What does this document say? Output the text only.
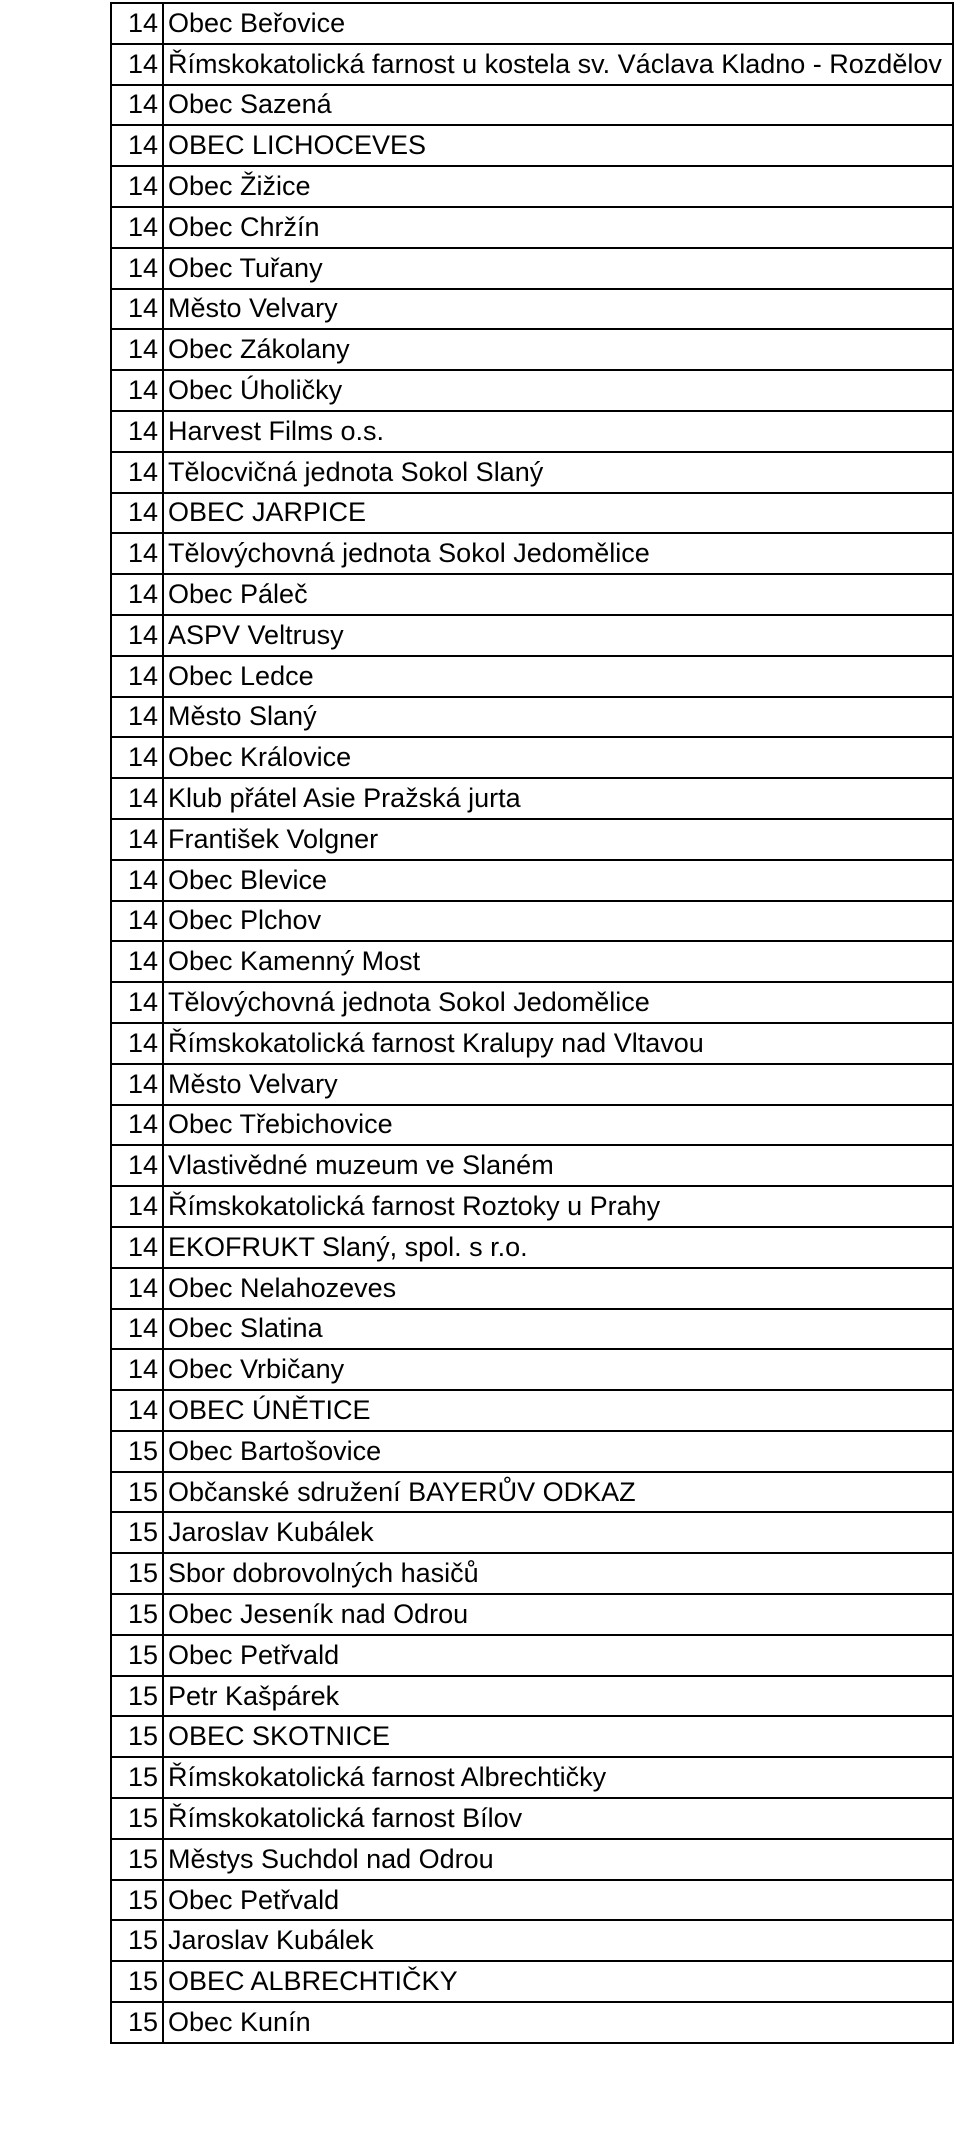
14	Obec Beřovice
14	Římskokatolická farnost u kostela sv. Václava Kladno - Rozdělov
14	Obec Sazená
14	OBEC LICHOCEVES
14	Obec Žižice
14	Obec Chržín
14	Obec Tuřany
14	Město Velvary
14	Obec Zákolany
14	Obec Úholičky
14	Harvest Films o.s.
14	Tělocvičná jednota Sokol Slaný
14	OBEC JARPICE
14	Tělovýchovná jednota Sokol Jedomělice
14	Obec Páleč
14	ASPV Veltrusy
14	Obec Ledce
14	Město Slaný
14	Obec Královice
14	Klub přátel Asie Pražská jurta
14	František Volgner
14	Obec Blevice
14	Obec Plchov
14	Obec Kamenný Most
14	Tělovýchovná jednota Sokol Jedomělice
14	Římskokatolická farnost Kralupy nad Vltavou
14	Město Velvary
14	Obec Třebichovice
14	Vlastivědné muzeum ve Slaném
14	Římskokatolická farnost Roztoky u Prahy
14	EKOFRUKT Slaný, spol. s r.o.
14	Obec Nelahozeves
14	Obec Slatina
14	Obec Vrbičany
14	OBEC ÚNĚTICE
15	Obec Bartošovice
15	Občanské sdružení BAYERŮV ODKAZ
15	Jaroslav Kubálek
15	Sbor dobrovolných hasičů
15	Obec Jeseník nad Odrou
15	Obec Petřvald
15	Petr Kašpárek
15	OBEC SKOTNICE
15	Římskokatolická farnost Albrechtičky
15	Římskokatolická farnost Bílov
15	Městys Suchdol nad Odrou
15	Obec Petřvald
15	Jaroslav Kubálek
15	OBEC ALBRECHTIČKY
15	Obec Kunín
